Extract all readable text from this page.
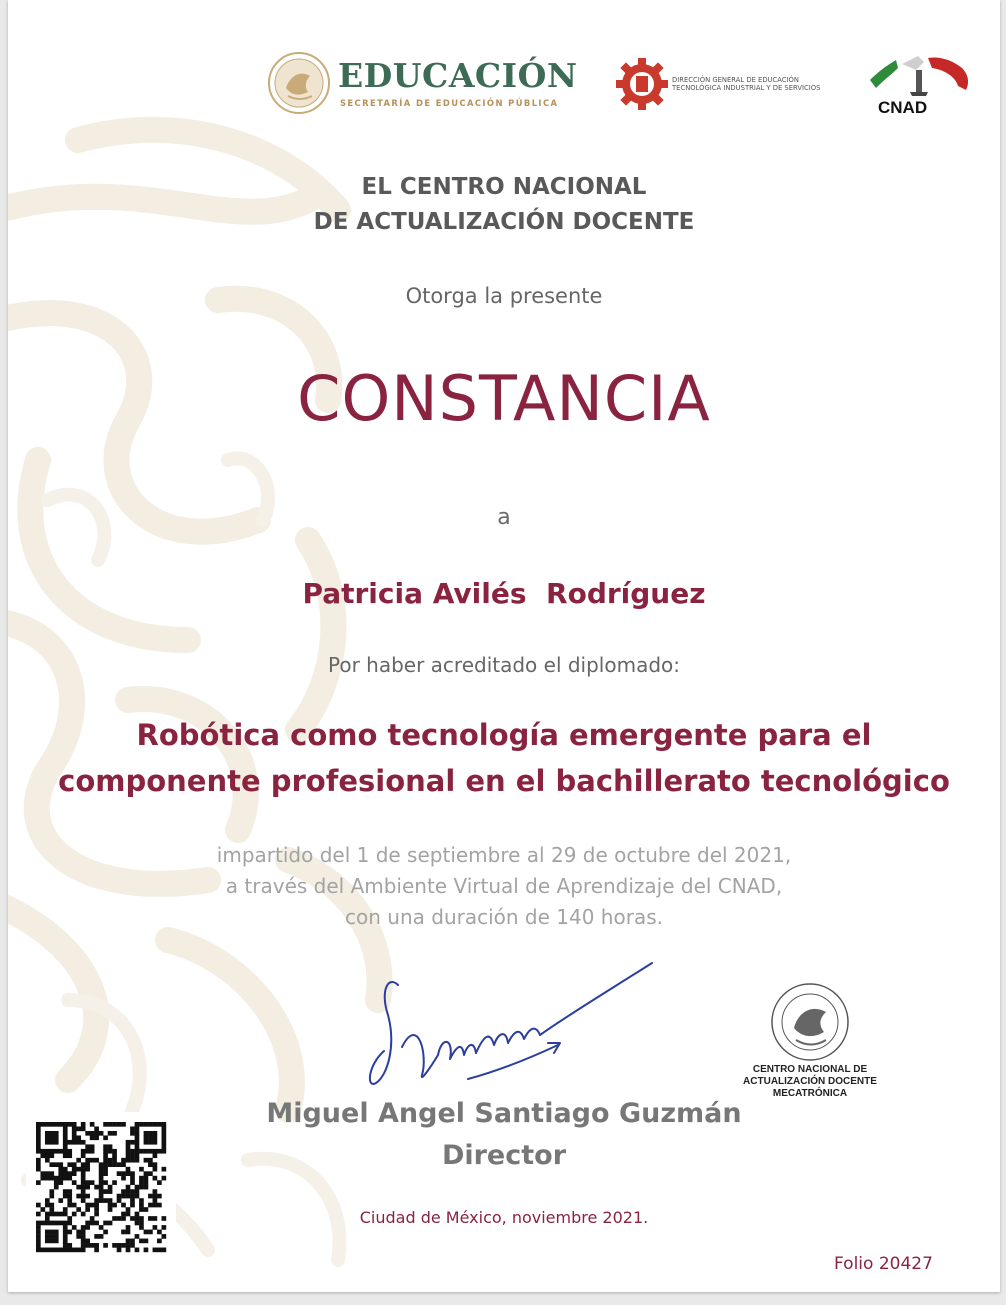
EDUCACIÓN
SECRETARÍA DE EDUCACIÓN PÚBLICA
DIRECCIÓN GENERAL DE EDUCACIÓN TECNOLÓGICA INDUSTRIAL Y DE SERVICIOS
CNAD
EL CENTRO NACIONAL
DE ACTUALIZACIÓN DOCENTE
Otorga la presente
CONSTANCIA
a
Patricia Avilés  Rodríguez
Por haber acreditado el diplomado:
Robótica como tecnología emergente para el
componente profesional en el bachillerato tecnológico
impartido del 1 de septiembre al 29 de octubre del 2021,
a través del Ambiente Virtual de Aprendizaje del CNAD,
con una duración de 140 horas.
Miguel Angel Santiago Guzmán
Director
Ciudad de México, noviembre 2021.
Folio 20427
CENTRO NACIONAL DE
ACTUALIZACIÓN DOCENTE
MECATRÓNICA
